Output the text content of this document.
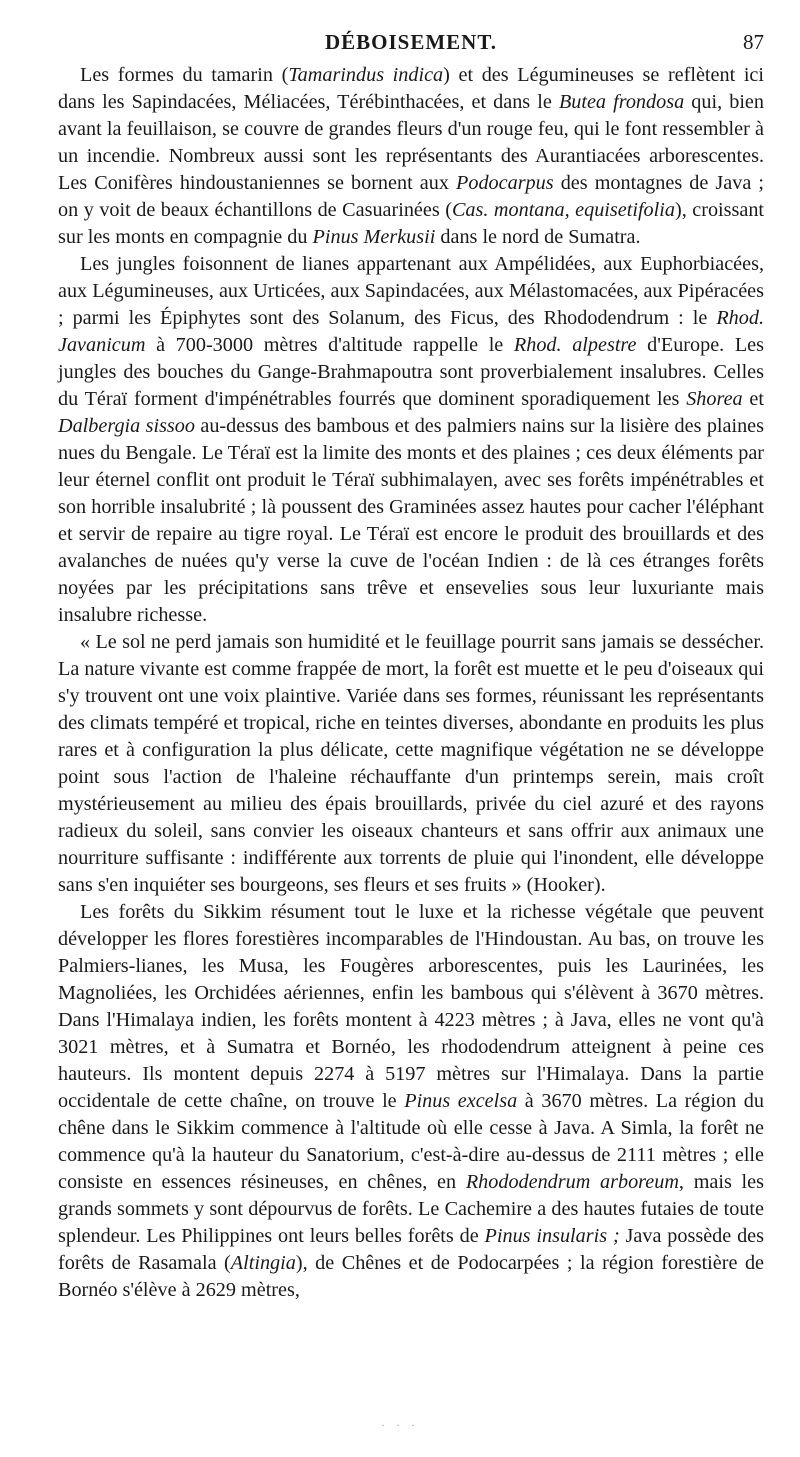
DÉBOISEMENT.	87

Les formes du tamarin (Tamarindus indica) et des Légumineuses se reflètent ici dans les Sapindacées, Méliacées, Térébinthacées, et dans le Butea frondosa qui, bien avant la feuillaison, se couvre de grandes fleurs d'un rouge feu, qui le font ressembler à un incendie. Nombreux aussi sont les représentants des Aurantiacées arborescentes. Les Conifères hindoustaniennes se bornent aux Podocarpus des montagnes de Java ; on y voit de beaux échantillons de Casuarinées (Cas. montana, equisetifolia), croissant sur les monts en compagnie du Pinus Merkusii dans le nord de Sumatra.

Les jungles foisonnent de lianes appartenant aux Ampélidées, aux Euphorbiacées, aux Légumineuses, aux Urticées, aux Sapindacées, aux Mélastomacées, aux Pipéracées ; parmi les Épiphytes sont des Solanum, des Ficus, des Rhododendrum : le Rhod. Javanicum à 700-3000 mètres d'altitude rappelle le Rhod. alpestre d'Europe. Les jungles des bouches du Gange-Brahmapoutra sont proverbialement insalubres. Celles du Téraï forment d'impénétrables fourrés que dominent sporadiquement les Shorea et Dalbergia sissoo au-dessus des bambous et des palmiers nains sur la lisière des plaines nues du Bengale. Le Téraï est la limite des monts et des plaines ; ces deux éléments par leur éternel conflit ont produit le Téraï subhimalayen, avec ses forêts impénétrables et son horrible insalubrité ; là poussent des Graminées assez hautes pour cacher l'éléphant et servir de repaire au tigre royal. Le Téraï est encore le produit des brouillards et des avalanches de nuées qu'y verse la cuve de l'océan Indien : de là ces étranges forêts noyées par les précipitations sans trêve et ensevelies sous leur luxuriante mais insalubre richesse.

« Le sol ne perd jamais son humidité et le feuillage pourrit sans jamais se dessécher. La nature vivante est comme frappée de mort, la forêt est muette et le peu d'oiseaux qui s'y trouvent ont une voix plaintive. Variée dans ses formes, réunissant les représentants des climats tempéré et tropical, riche en teintes diverses, abondante en produits les plus rares et à configuration la plus délicate, cette magnifique végétation ne se développe point sous l'action de l'haleine réchauffante d'un printemps serein, mais croît mystérieusement au milieu des épais brouillards, privée du ciel azuré et des rayons radieux du soleil, sans convier les oiseaux chanteurs et sans offrir aux animaux une nourriture suffisante : indifférente aux torrents de pluie qui l'inondent, elle développe sans s'en inquiéter ses bourgeons, ses fleurs et ses fruits » (Hooker).

Les forêts du Sikkim résument tout le luxe et la richesse végétale que peuvent développer les flores forestières incomparables de l'Hindoustan. Au bas, on trouve les Palmiers-lianes, les Musa, les Fougères arborescentes, puis les Laurinées, les Magnoliées, les Orchidées aériennes, enfin les bambous qui s'élèvent à 3670 mètres. Dans l'Himalaya indien, les forêts montent à 4223 mètres ; à Java, elles ne vont qu'à 3021 mètres, et à Sumatra et Bornéo, les rhododendrum atteignent à peine ces hauteurs. Ils montent depuis 2274 à 5197 mètres sur l'Himalaya. Dans la partie occidentale de cette chaîne, on trouve le Pinus excelsa à 3670 mètres. La région du chêne dans le Sikkim commence à l'altitude où elle cesse à Java. A Simla, la forêt ne commence qu'à la hauteur du Sanatorium, c'est-à-dire au-dessus de 2111 mètres ; elle consiste en essences résineuses, en chênes, en Rhododendrum arboreum, mais les grands sommets y sont dépourvus de forêts. Le Cachemire a des hautes futaies de toute splendeur. Les Philippines ont leurs belles forêts de Pinus insularis ; Java possède des forêts de Rasamala (Altingia), de Chênes et de Podocarpées ; la région forestière de Bornéo s'élève à 2629 mètres,

· · ·
